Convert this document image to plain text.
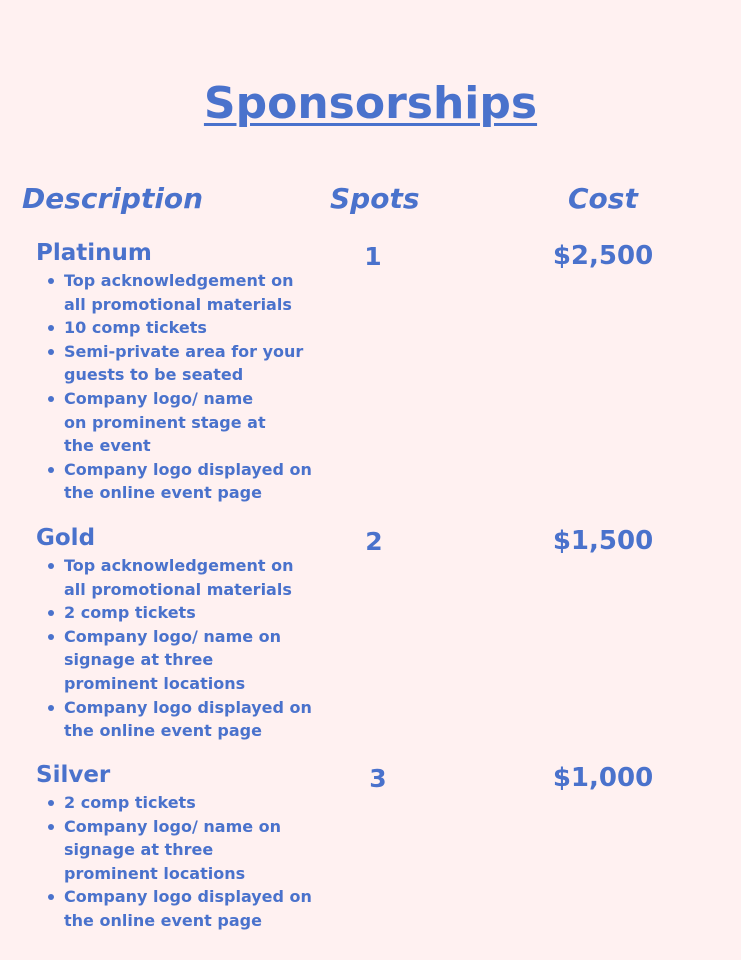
Sponsorships
Description	Spots	Cost
Platinum	1	$2,500
Top acknowledgement on all promotional materials
10 comp tickets
Semi-private area for your guests to be seated
Company logo/ name on prominent stage at the event
Company logo displayed on the online event page
Gold	2	$1,500
Top acknowledgement on all promotional materials
2 comp tickets
Company logo/ name on signage at three prominent locations
Company logo displayed on the online event page
Silver	3	$1,000
2 comp tickets
Company logo/ name on signage at three prominent locations
Company logo displayed on the online event page
